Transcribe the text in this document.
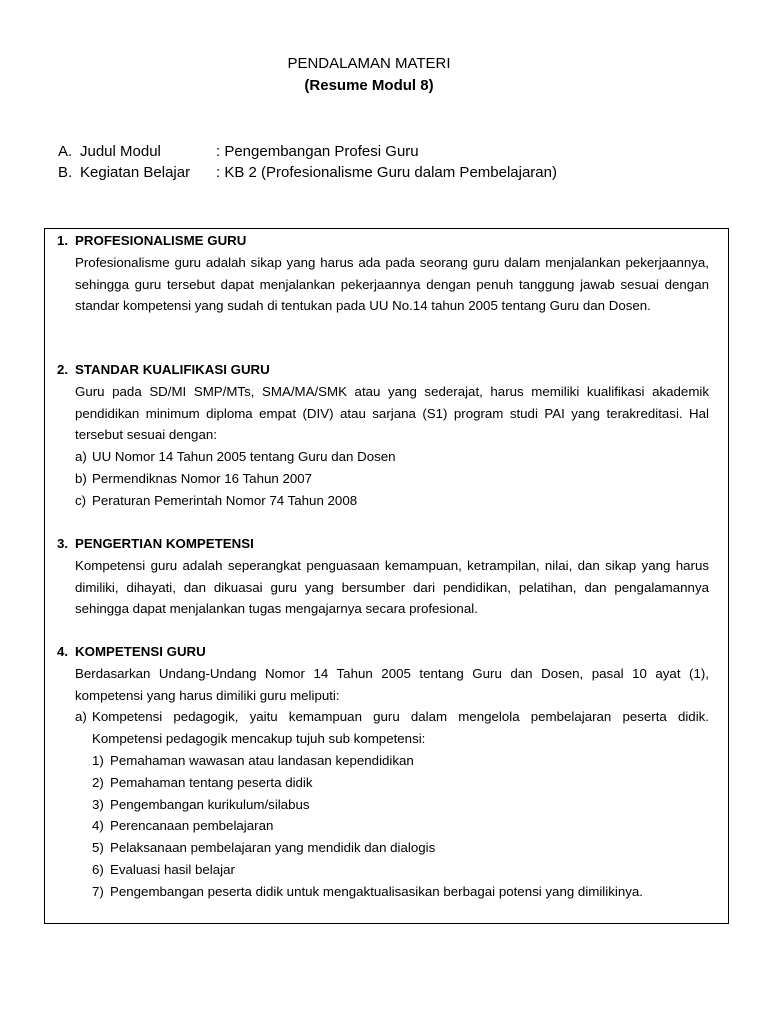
PENDALAMAN MATERI
(Resume Modul 8)
A. Judul Modul	: Pengembangan Profesi Guru
B. Kegiatan Belajar : KB 2 (Profesionalisme Guru dalam Pembelajaran)
1. PROFESIONALISME GURU

Profesionalisme guru adalah sikap yang harus ada pada seorang guru dalam menjalankan pekerjaannya, sehingga guru tersebut dapat menjalankan pekerjaannya dengan penuh tanggung jawab sesuai dengan standar kompetensi yang sudah di tentukan pada UU No.14 tahun 2005 tentang Guru dan Dosen.

2. STANDAR KUALIFIKASI GURU

Guru pada SD/MI SMP/MTs, SMA/MA/SMK atau yang sederajat, harus memiliki kualifikasi akademik pendidikan minimum diploma empat (DIV) atau sarjana (S1) program studi PAI yang terakreditasi. Hal tersebut sesuai dengan:

a) UU Nomor 14 Tahun 2005 tentang Guru dan Dosen
b) Permendiknas Nomor 16 Tahun 2007
c) Peraturan Pemerintah Nomor 74 Tahun 2008
3. PENGERTIAN KOMPETENSI

Kompetensi guru adalah seperangkat penguasaan kemampuan, ketrampilan, nilai, dan sikap yang harus dimiliki, dihayati, dan dikuasai guru yang bersumber dari pendidikan, pelatihan, dan pengalamannya sehingga dapat menjalankan tugas mengajarnya secara profesional.

4. KOMPETENSI GURU

Berdasarkan Undang-Undang Nomor 14 Tahun 2005 tentang Guru dan Dosen, pasal 10 ayat (1), kompetensi yang harus dimiliki guru meliputi:

a) Kompetensi pedagogik, yaitu kemampuan guru dalam mengelola pembelajaran peserta didik. Kompetensi pedagogik mencakup tujuh sub kompetensi:
1) Pemahaman wawasan atau landasan kependidikan
2) Pemahaman tentang peserta didik
3) Pengembangan kurikulum/silabus
4) Perencanaan pembelajaran
5) Pelaksanaan pembelajaran yang mendidik dan dialogis
6) Evaluasi hasil belajar
7) Pengembangan peserta didik untuk mengaktualisasikan berbagai potensi yang dimilikinya.
